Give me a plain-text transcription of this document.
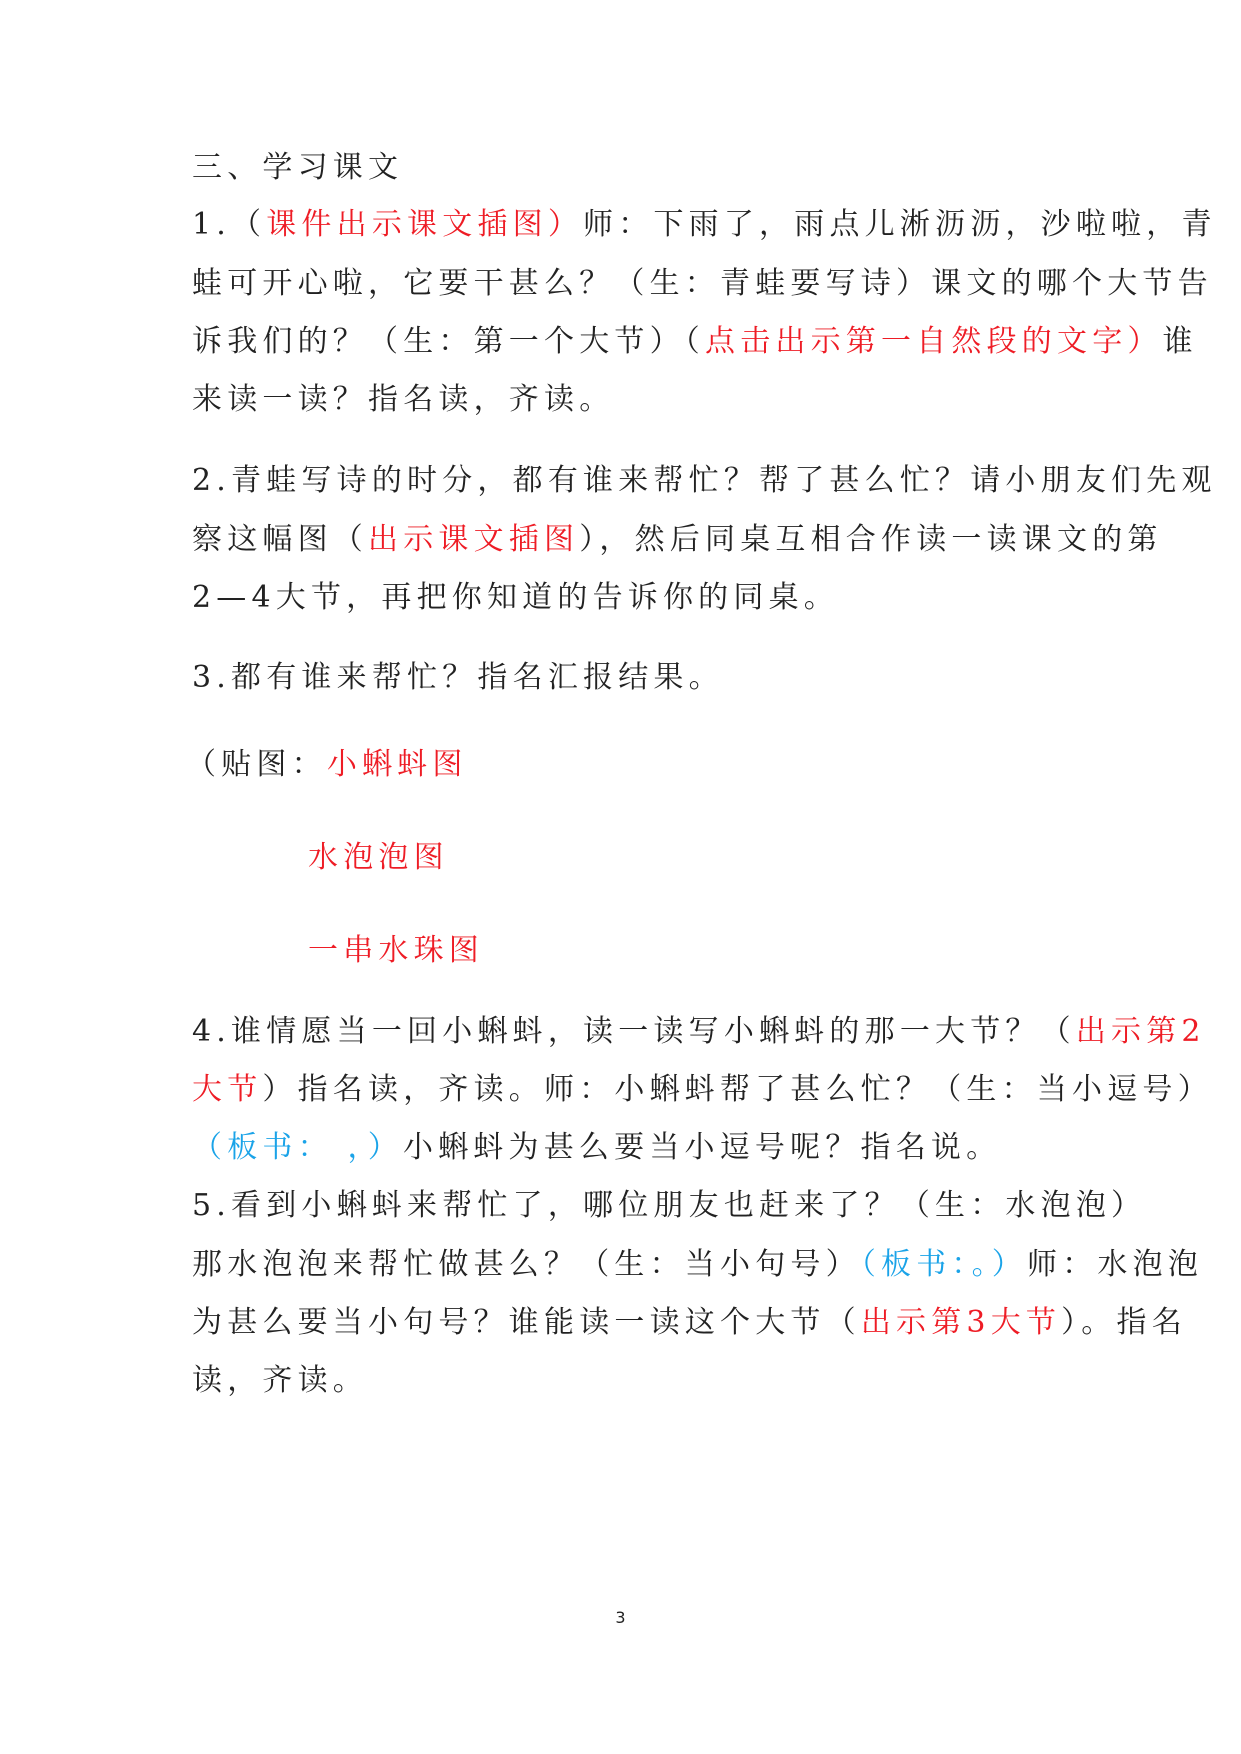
三、学习课文
1.（课件出示课文插图）师：下雨了，雨点儿淅沥沥，沙啦啦，青
蛙可开心啦，它要干甚么？（生：青蛙要写诗）课文的哪个大节告
诉我们的？（生：第一个大节）（点击出示第一自然段的文字）谁
来读一读？指名读，齐读。
2.青蛙写诗的时分，都有谁来帮忙？帮了甚么忙？请小朋友们先观
察这幅图（出示课文插图），然后同桌互相合作读一读课文的第
2—4大节，再把你知道的告诉你的同桌。
3.都有谁来帮忙？指名汇报结果。
（贴图：小蝌蚪图
水泡泡图
一串水珠图
4.谁情愿当一回小蝌蚪，读一读写小蝌蚪的那一大节？（出示第2
大节）指名读，齐读。师：小蝌蚪帮了甚么忙？（生：当小逗号）
（板书： ，）小蝌蚪为甚么要当小逗号呢？指名说。
5.看到小蝌蚪来帮忙了，哪位朋友也赶来了？（生：水泡泡）
那水泡泡来帮忙做甚么？（生：当小句号）（板书：。）师：水泡泡
为甚么要当小句号？谁能读一读这个大节（出示第3大节）。指名
读，齐读。
3
